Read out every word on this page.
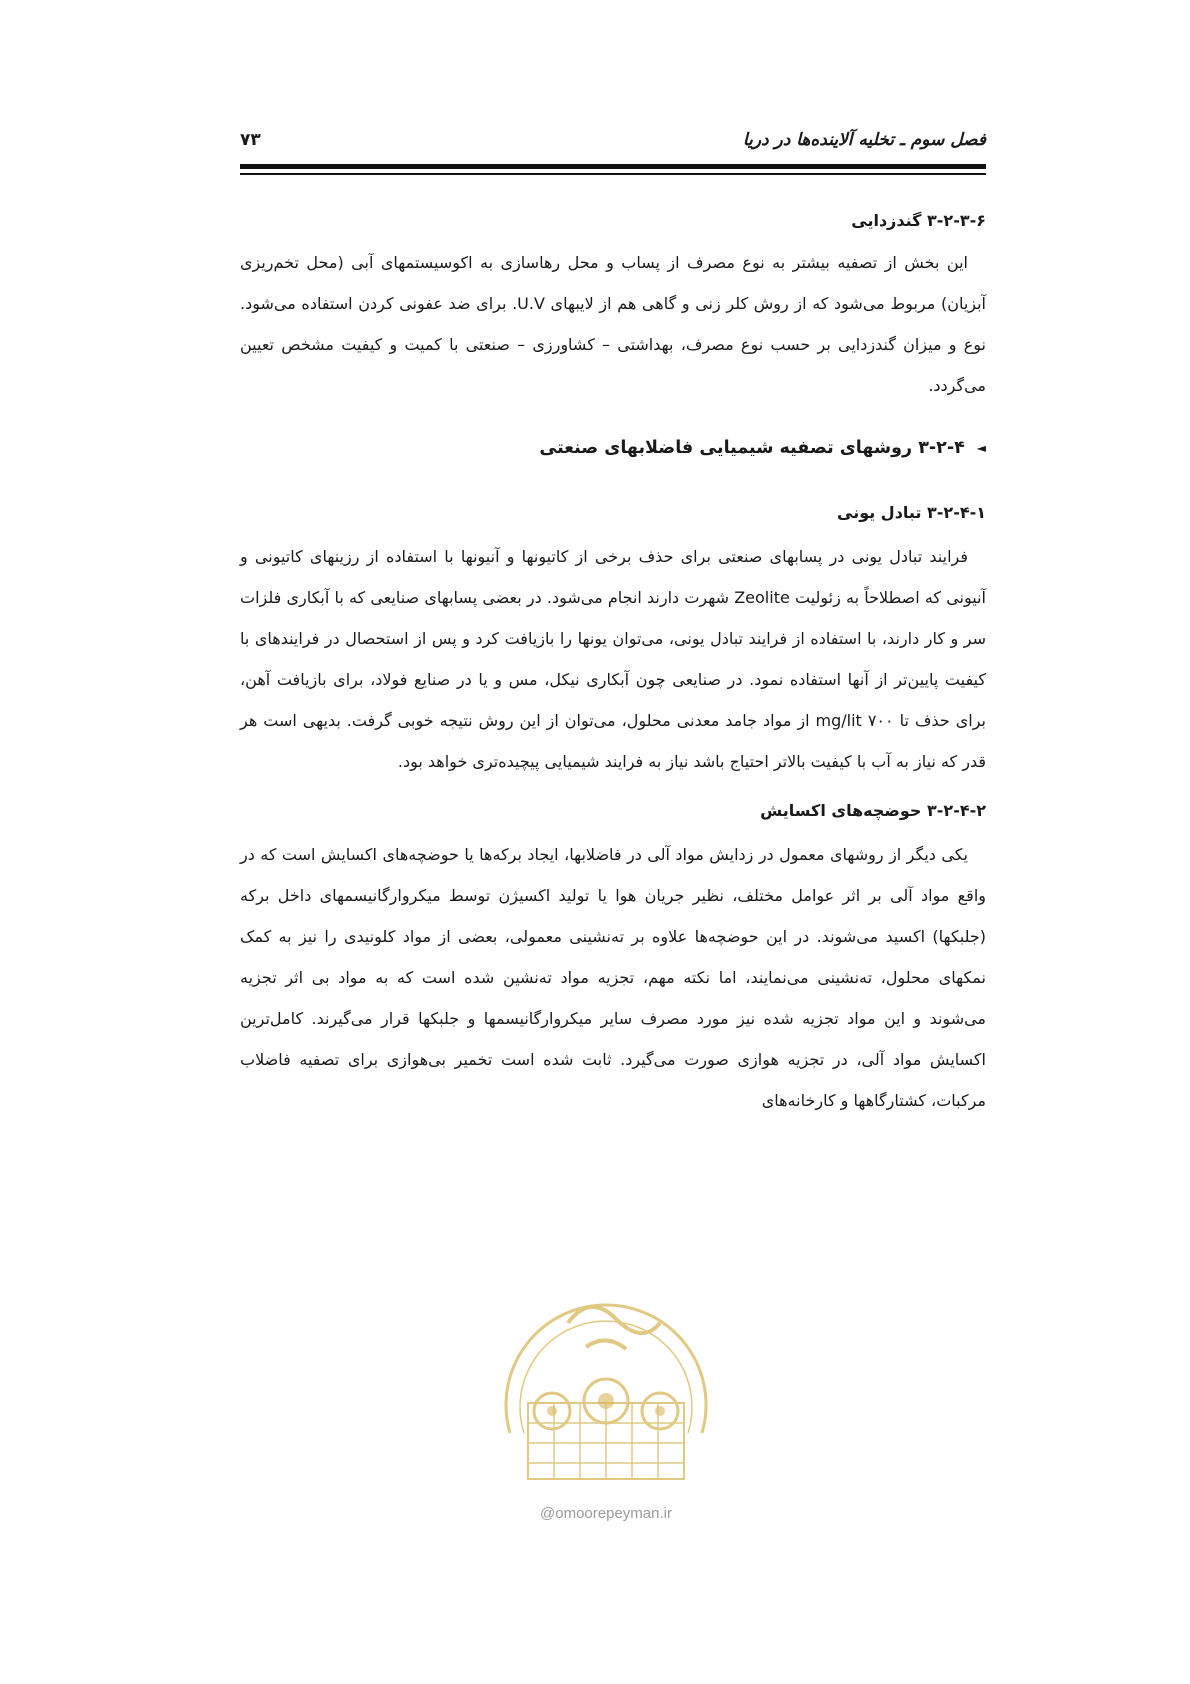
فصل سوم ـ تخلیه آلاینده‌ها در دریا
۷۳
۳-۲-۳-۶ گندزدایی

این بخش از تصفیه بیشتر به نوع مصرف از پساب و محل رهاسازی به اکوسیستمهای آبی (محل تخم‌ریزی آبزیان) مربوط می‌شود که از روش کلر زنی و گاهی هم از لایبهای U.V. برای ضد عفونی کردن استفاده می‌شود. نوع و میزان گندزدایی بر حسب نوع مصرف، بهداشتی – کشاورزی – صنعتی با کمیت و کیفیت مشخص تعیین می‌گردد.

◄
۳-۲-۴ روشهای تصفیه شیمیایی فاضلابهای صنعتی
۳-۲-۴-۱ تبادل یونی

فرایند تبادل یونی در پسابهای صنعتی برای حذف برخی از کاتیونها و آنیونها با استفاده از رزینهای کاتیونی و آنیونی که اصطلاحاً به زئولیت Zeolite شهرت دارند انجام می‌شود. در بعضی پسابهای صنایعی که با آبکاری فلزات سر و کار دارند، با استفاده از فرایند تبادل یونی، می‌توان یونها را بازیافت کرد و پس از استحصال در فرایندهای با کیفیت پایین‌تر از آنها استفاده نمود. در صنایعی چون آبکاری نیکل، مس و یا در صنایع فولاد، برای بازیافت آهن، برای حذف تا ۷۰۰ mg/lit از مواد جامد معدنی محلول، می‌توان از این روش نتیجه خوبی گرفت. بدیهی است هر قدر که نیاز به آب با کیفیت بالاتر احتیاج باشد نیاز به فرایند شیمیایی پیچیده‌تری خواهد بود.

۳-۲-۴-۲ حوضچه‌های اکسایش

یکی دیگر از روشهای معمول در زدایش مواد آلی در فاضلابها، ایجاد برکه‌ها یا حوضچه‌های اکسایش است که در واقع مواد آلی بر اثر عوامل مختلف، نظیر جریان هوا یا تولید اکسیژن توسط میکروارگانیسمهای داخل برکه (جلبکها) اکسید می‌شوند. در این حوضچه‌ها علاوه بر ته‌نشینی معمولی، بعضی از مواد کلونیدی را نیز به کمک نمکهای محلول، ته‌نشینی می‌نمایند، اما نکته مهم، تجزیه مواد ته‌نشین شده است که به مواد بی اثر تجزیه می‌شوند و این مواد تجزیه شده نیز مورد مصرف سایر میکروارگانیسمها و جلبکها قرار می‌گیرند. کامل‌ترین اکسایش مواد آلی، در تجزیه هوازی صورت می‌گیرد. ثابت شده است تخمیر بی‌هوازی برای تصفیه فاضلاب مرکبات، کشتارگاهها و کارخانه‌های

@omoorepeyman.ir
